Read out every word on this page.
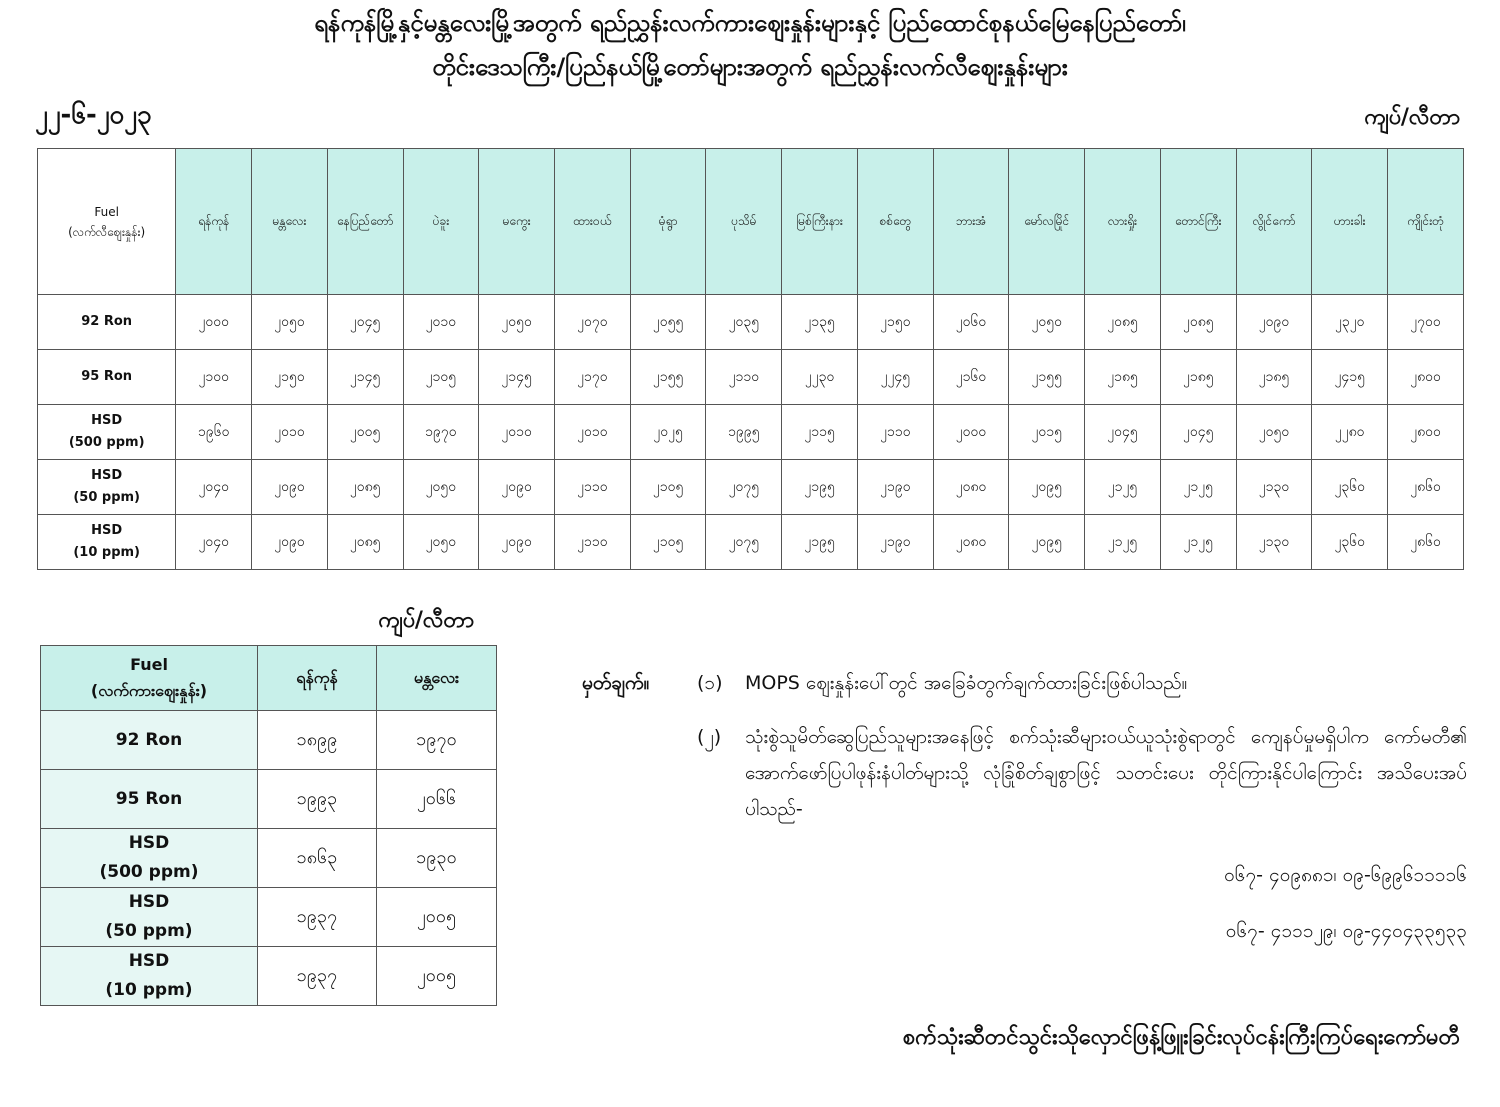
ရန်ကုန်မြို့နှင့်မန္တလေးမြို့အတွက် ရည်ညွှန်းလက်ကားဈေးနှုန်းများနှင့် ပြည်ထောင်စုနယ်မြေနေပြည်တော်၊
တိုင်းဒေသကြီး/ပြည်နယ်မြို့တော်များအတွက် ရည်ညွှန်းလက်လီဈေးနှုန်းများ
၂၂-၆-၂၀၂၃	ကျပ်/လီတာ
Fuel
(လက်လီဈေးနှုန်း)	ရန်ကုန်	မန္တလေး	နေပြည်တော်	ပဲခူး	မကွေး	ထားဝယ်	မုံရွာ	ပုသိမ်	မြစ်ကြီးနား	စစ်တွေ	ဘားအံ	မော်လမြိုင်	လားရှိုး	တောင်ကြီး	လွိုင်ကော်	ဟားခါး	ကျိုင်းတုံ

92 Ron	၂၀၀၀	၂၀၅၀	၂၀၄၅	၂၀၁၀	၂၀၅၀	၂၀၇၀	၂၀၅၅	၂၀၃၅	၂၁၃၅	၂၁၅၀	၂၀၆၀	၂၀၅၀	၂၀၈၅	၂၀၈၅	၂၀၉၀	၂၃၂၀	၂၇၀၀

95 Ron	၂၁၀၀	၂၁၅၀	၂၁၄၅	၂၁၀၅	၂၁၄၅	၂၁၇၀	၂၁၅၅	၂၁၁၀	၂၂၃၀	၂၂၄၅	၂၁၆၀	၂၁၅၅	၂၁၈၅	၂၁၈၅	၂၁၈၅	၂၄၁၅	၂၈၀၀

HSD
(500 ppm)	၁၉၆၀	၂၀၁၀	၂၀၀၅	၁၉၇၀	၂၀၁၀	၂၀၁၀	၂၀၂၅	၁၉၉၅	၂၁၁၅	၂၁၁၀	၂၀၀၀	၂၀၁၅	၂၀၄၅	၂၀၄၅	၂၀၅၀	၂၂၈၀	၂၈၀၀

HSD
(50 ppm)	၂၀၄၀	၂၀၉၀	၂၀၈၅	၂၀၅၀	၂၀၉၀	၂၁၁၀	၂၁၀၅	၂၀၇၅	၂၁၉၅	၂၁၉၀	၂၀၈၀	၂၀၉၅	၂၁၂၅	၂၁၂၅	၂၁၃၀	၂၃၆၀	၂၈၆၀

HSD
(10 ppm)	၂၀၄၀	၂၀၉၀	၂၀၈၅	၂၀၅၀	၂၀၉၀	၂၁၁၀	၂၁၀၅	၂၀၇၅	၂၁၉၅	၂၁၉၀	၂၀၈၀	၂၀၉၅	၂၁၂၅	၂၁၂၅	၂၁၃၀	၂၃၆၀	၂၈၆၀
ကျပ်/လီတာ
Fuel
(လက်ကားဈေးနှုန်း)	ရန်ကုန်	မန္တလေး

92 Ron	၁၈၉၉	၁၉၇၀

95 Ron	၁၉၉၃	၂၀၆၆

HSD
(500 ppm)	၁၈၆၃	၁၉၃၀

HSD
(50 ppm)	၁၉၃၇	၂၀၀၅

HSD
(10 ppm)	၁၉၃၇	၂၀၀၅
မှတ်ချက်။	(၁) MOPS ဈေးနှုန်းပေါ်တွင် အခြေခံတွက်ချက်ထားခြင်းဖြစ်ပါသည်။
(၂) သုံးစွဲသူမိတ်ဆွေပြည်သူများအနေဖြင့် စက်သုံးဆီများဝယ်ယူသုံးစွဲရာတွင် ကျေနပ်မှုမရှိပါက ကော်မတီ၏ အောက်ဖော်ပြပါဖုန်းနံပါတ်များသို့ လုံခြုံစိတ်ချစွာဖြင့် သတင်းပေး တိုင်ကြားနိုင်ပါကြောင်း အသိပေးအပ်ပါသည်-
၀၆၇- ၄၀၉၈၈၁၊ ၀၉-၆၉၉၆၁၁၁၁၆
၀၆၇- ၄၁၁၁၂၉၊ ၀၉-၄၄၀၄၃၃၅၃၃
စက်သုံးဆီတင်သွင်းသိုလှောင်ဖြန့်ဖြူးခြင်းလုပ်ငန်းကြီးကြပ်ရေးကော်မတီ
